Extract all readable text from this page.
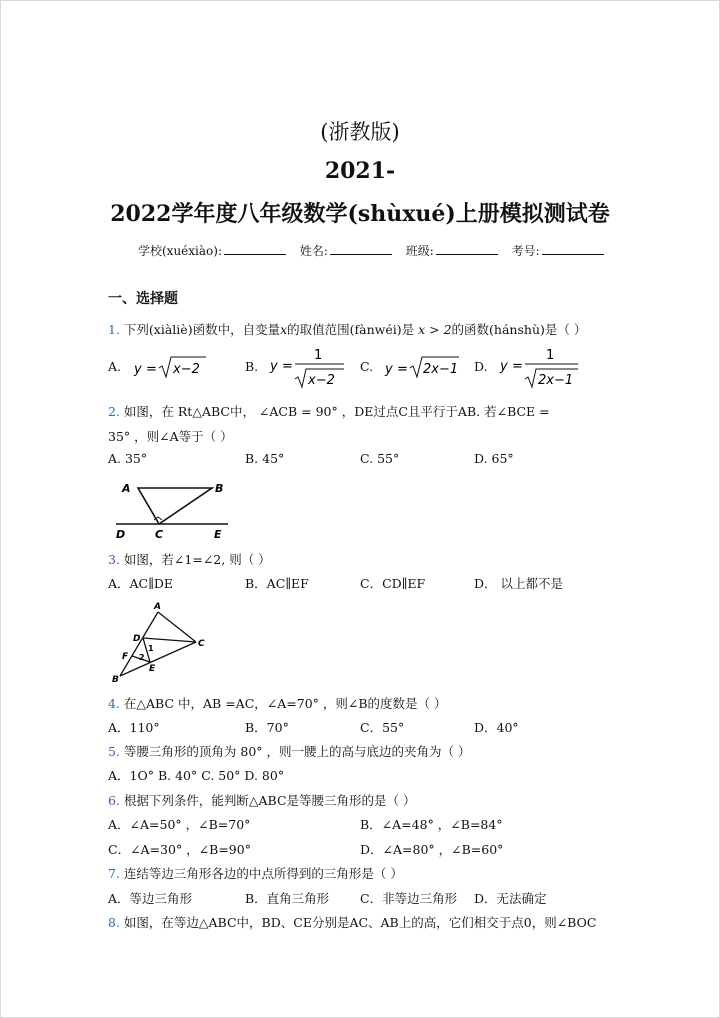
(浙教版)
2021-
2022学年度八年级数学(shùxué)上册模拟测试卷
学校(xuéxiào):	姓名:	班级:	考号:
一、选择题
1. 下列(xiàliè)函数中，自变量x的取值范围(fànwéi)是 x > 2的函数(hánshù)是（ ）
A. y = x−2	B. y =
1
x−2
C. y = 2x−1 D. y =
1
2x−1
2. 如图，在 Rt△ABC中， ∠ACB = 90° ，DE过点C且平行于AB. 若∠BCE =
35° ，则∠A等于（ ）
A. 35°	B. 45°	C. 55°	D. 65°
A	B
D	C	E
3. 如图，若∠1=∠2, 则（ ）
A．AC∥DE	B．AC∥EF	C．CD∥EF	D． 以上都不是
A
D	C
F
1
2
E
B
4. 在△ABC 中，AB =AC，∠A=70° ，则∠B的度数是（ ）
A．110°	B．70°	C．55°	D．40°
5. 等腰三角形的顶角为 80° ，则一腰上的高与底边的夹角为（ ）
A．1O° B. 40° C. 50° D. 80°
6. 根据下列条件，能判断△ABC是等腰三角形的是（ ）
A．∠A=50° ，∠B=70°	B．∠A=48° ，∠B=84°
C．∠A=30° ，∠B=90°	D．∠A=80° ，∠B=60°
7. 连结等边三角形各边的中点所得到的三角形是（ ）
A．等边三角形	B．直角三角形 C．非等边三角形 D．无法确定
8. 如图，在等边△ABC中，BD、CE分别是AC、AB上的高，它们相交于点0，则∠BOC
